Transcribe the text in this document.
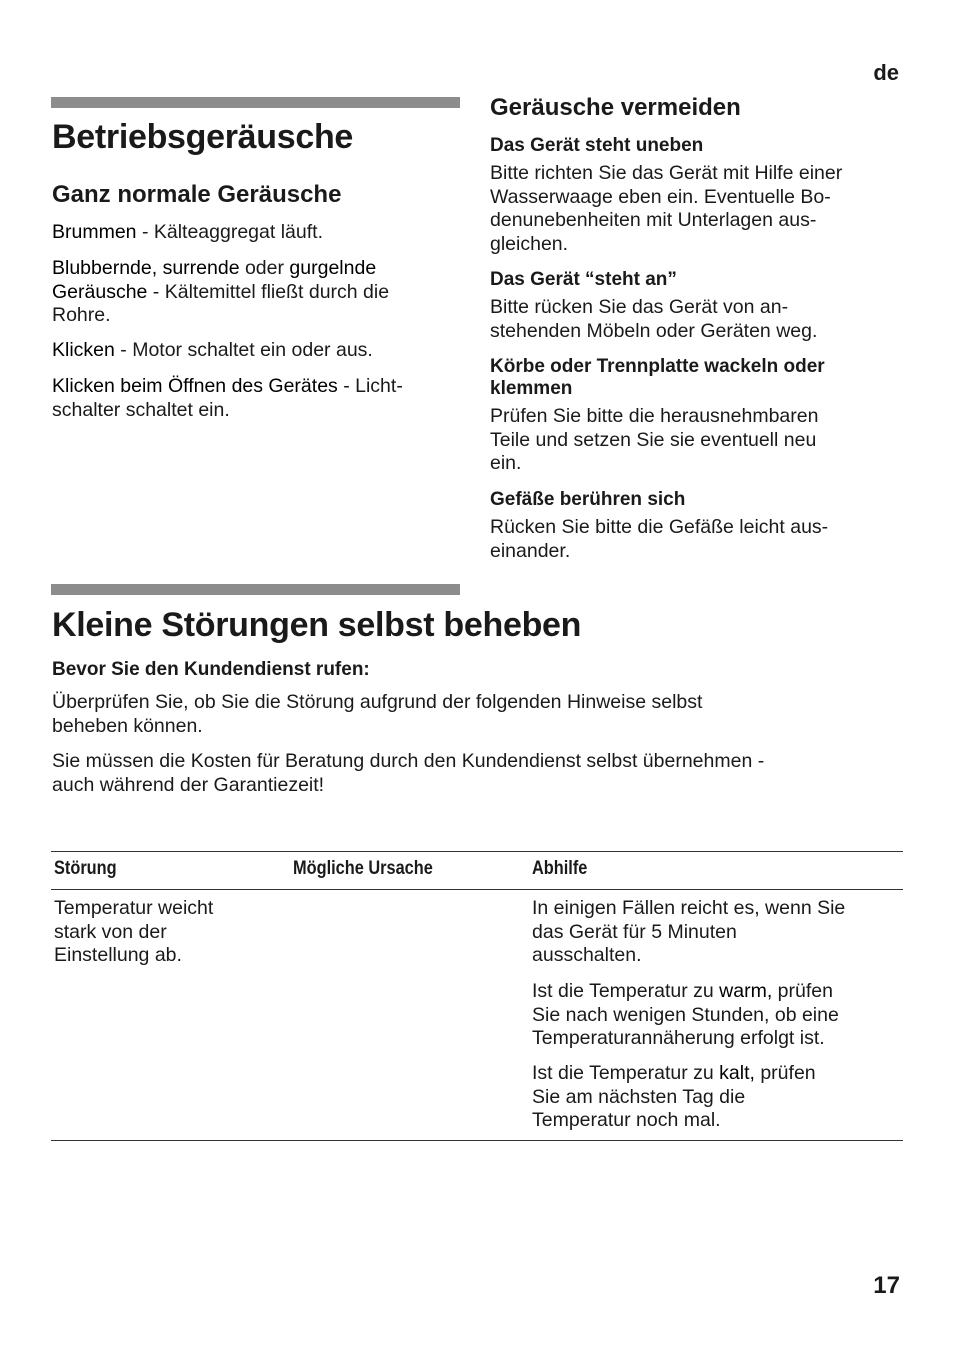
de
17
Betriebsgeräusche
Ganz normale Geräusche

Brummen - Kälteaggregat läuft.

Blubbernde, surrende oder gurgelnde

Geräusche - Kältemittel fließt durch die

Rohre.

Klicken - Motor schaltet ein oder aus.

Klicken beim Öffnen des Gerätes - Licht-

schalter schaltet ein.

Geräusche vermeiden
Das Gerät steht uneben

Bitte richten Sie das Gerät mit Hilfe einer

Wasserwaage eben ein. Eventuelle Bo-

denunebenheiten mit Unterlagen aus-

gleichen.

Das Gerät “steht an”

Bitte rücken Sie das Gerät von an-

stehenden Möbeln oder Geräten weg.

Körbe oder Trennplatte wackeln oder
klemmen

Prüfen Sie bitte die herausnehmbaren

Teile und setzen Sie sie eventuell neu

ein.

Gefäße berühren sich

Rücken Sie bitte die Gefäße leicht aus-

einander.

Kleine Störungen selbst beheben
Bevor Sie den Kundendienst rufen:

Überprüfen Sie, ob Sie die Störung aufgrund der folgenden Hinweise selbst

beheben können.

Sie müssen die Kosten für Beratung durch den Kundendienst selbst übernehmen -

auch während der Garantiezeit!

Störung	Mögliche Ursache	Abhilfe

Temperatur weicht

stark von der

Einstellung ab.

In einigen Fällen reicht es, wenn Sie

das Gerät für 5 Minuten

ausschalten.

Ist die Temperatur zu warm, prüfen

Sie nach wenigen Stunden, ob eine

Temperaturannäherung erfolgt ist.

Ist die Temperatur zu kalt, prüfen

Sie am nächsten Tag die

Temperatur noch mal.
